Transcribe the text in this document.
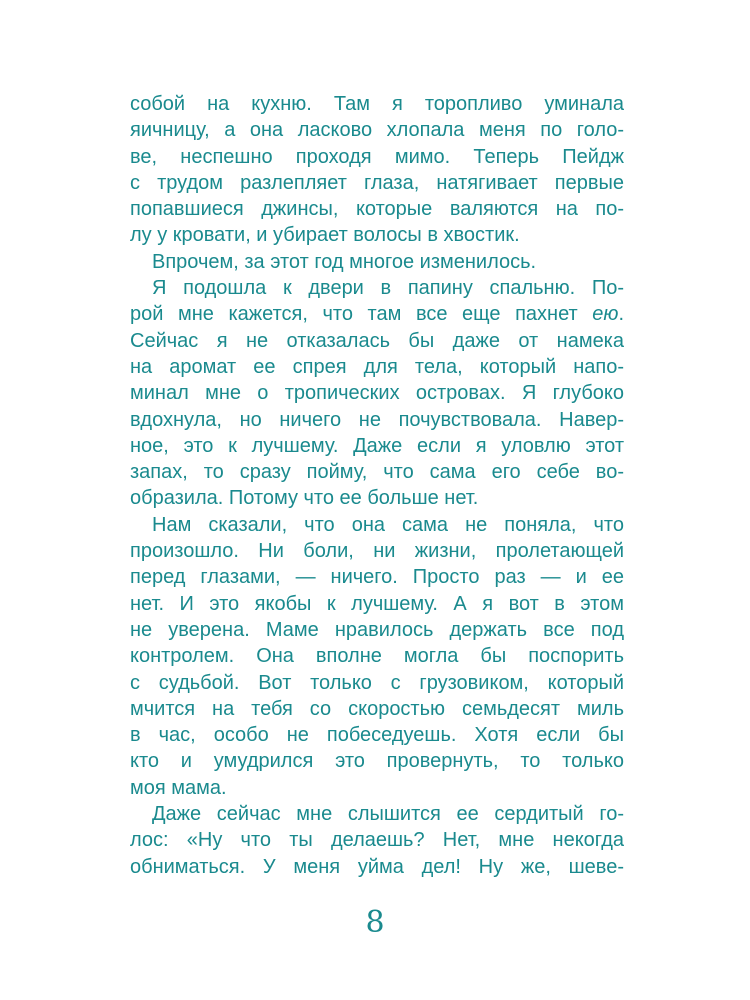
собой на кухню. Там я торопливо уминала
яичницу, а она ласково хлопала меня по голо-
ве, неспешно проходя мимо. Теперь Пейдж
с трудом разлепляет глаза, натягивает первые
попавшиеся джинсы, которые валяются на по-
лу у кровати, и убирает волосы в хвостик.
Впрочем, за этот год многое изменилось.
Я подошла к двери в папину спальню. По-
рой мне кажется, что там все еще пахнет ею.
Сейчас я не отказалась бы даже от намека
на аромат ее спрея для тела, который напо-
минал мне о тропических островах. Я глубоко
вдохнула, но ничего не почувствовала. Навер-
ное, это к лучшему. Даже если я уловлю этот
запах, то сразу пойму, что сама его себе во-
образила. Потому что ее больше нет.
Нам сказали, что она сама не поняла, что
произошло. Ни боли, ни жизни, пролетающей
перед глазами, — ничего. Просто раз — и ее
нет. И это якобы к лучшему. А я вот в этом
не уверена. Маме нравилось держать все под
контролем. Она вполне могла бы поспорить
с судьбой. Вот только с грузовиком, который
мчится на тебя со скоростью семьдесят миль
в час, особо не побеседуешь. Хотя если бы
кто и умудрился это провернуть, то только
моя мама.
Даже сейчас мне слышится ее сердитый го-
лос: «Ну что ты делаешь? Нет, мне некогда
обниматься. У меня уйма дел! Ну же, шеве-
8
